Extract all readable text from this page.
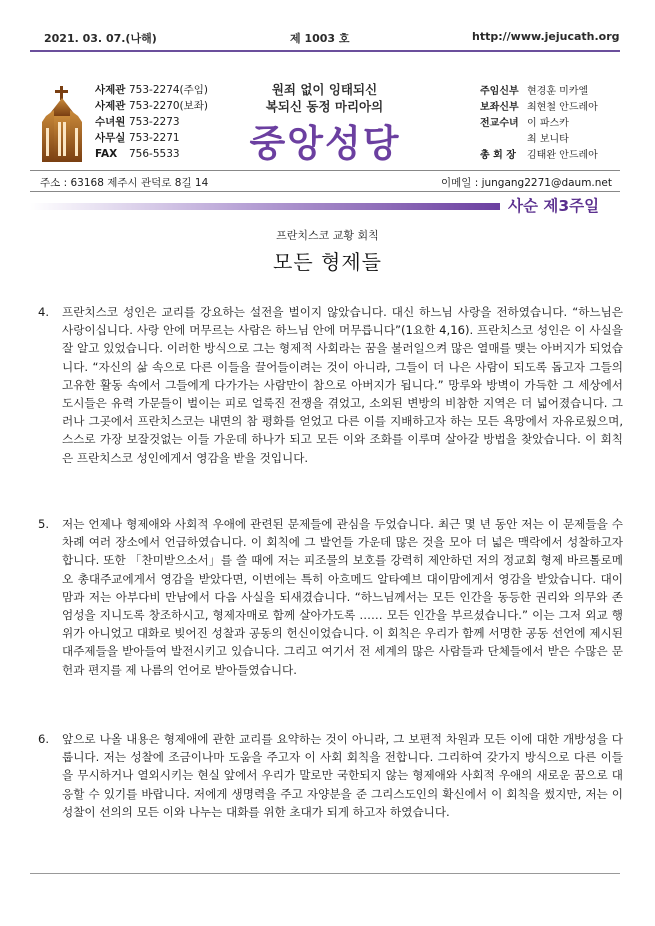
2021. 03. 07.(나해)	제 1003 호	http://www.jejucath.org
사제관 753-2274(주임)
사제관 753-2270(보좌)
수녀원 753-2273
사무실 753-2271
FAX	756-5533
원죄 없이 잉태되신
복되신 동정 마리아의
중앙성당
주임신부 현경훈 미카엘
보좌신부 최현철 안드레아
전교수녀 이 파스카
최 보니타
총 회 장	김태완 안드레아
주소 : 63168 제주시 관덕로 8길 14	이메일 : jungang2271@daum.net
사순 제3주일
프란치스코 교황 회칙
모든 형제들
4.	프란치스코 성인은 교리를 강요하는 설전을 벌이지 않았습니다. 대신 하느님 사랑을 전하였습니다. “하느님은 사랑이십니다. 사랑 안에 머무르는 사람은 하느님 안에 머무릅니다”(1요한 4,16). 프란치스코 성인은 이 사실을 잘 알고 있었습니다. 이러한 방식으로 그는 형제적 사회라는 꿈을 불러일으켜 많은 열매를 맺는 아버지가 되었습니다. “자신의 삶 속으로 다른 이들을 끌어들이려는 것이 아니라, 그들이 더 나은 사람이 되도록 돕고자 그들의 고유한 활동 속에서 그들에게 다가가는 사람만이 참으로 아버지가 됩니다.” 망루와 방벽이 가득한 그 세상에서 도시들은 유력 가문들이 벌이는 피로 얼룩진 전쟁을 겪었고, 소외된 변방의 비참한 지역은 더 넓어졌습니다. 그러나 그곳에서 프란치스코는 내면의 참 평화를 얻었고 다른 이를 지배하고자 하는 모든 욕망에서 자유로웠으며, 스스로 가장 보잘것없는 이들 가운데 하나가 되고 모든 이와 조화를 이루며 살아갈 방법을 찾았습니다. 이 회칙은 프란치스코 성인에게서 영감을 받을 것입니다.
5.	저는 언제나 형제애와 사회적 우애에 관련된 문제들에 관심을 두었습니다. 최근 몇 년 동안 저는 이 문제들을 수차례 여러 장소에서 언급하였습니다. 이 회칙에 그 발언들 가운데 많은 것을 모아 더 넓은 맥락에서 성찰하고자 합니다. 또한 「찬미받으소서」를 쓸 때에 저는 피조물의 보호를 강력히 제안하던 저의 정교회 형제 바르톨로메오 총대주교에게서 영감을 받았다면, 이번에는 특히 아흐메드 알타예브 대이맘에게서 영감을 받았습니다. 대이맘과 저는 아부다비 만남에서 다음 사실을 되새겼습니다. “하느님께서는 모든 인간을 동등한 권리와 의무와 존엄성을 지니도록 창조하시고, 형제자매로 함께 살아가도록 …… 모든 인간을 부르셨습니다.” 이는 그저 외교 행위가 아니었고 대화로 빚어진 성찰과 공동의 헌신이었습니다. 이 회칙은 우리가 함께 서명한 공동 선언에 제시된 대주제들을 받아들여 발전시키고 있습니다. 그리고 여기서 전 세계의 많은 사람들과 단체들에서 받은 수많은 문헌과 편지를 제 나름의 언어로 받아들였습니다.
6.	앞으로 나올 내용은 형제애에 관한 교리를 요약하는 것이 아니라, 그 보편적 차원과 모든 이에 대한 개방성을 다룹니다. 저는 성찰에 조금이나마 도움을 주고자 이 사회 회칙을 전합니다. 그리하여 갖가지 방식으로 다른 이들을 무시하거나 열외시키는 현실 앞에서 우리가 말로만 국한되지 않는 형제애와 사회적 우애의 새로운 꿈으로 대응할 수 있기를 바랍니다. 저에게 생명력을 주고 자양분을 준 그리스도인의 확신에서 이 회칙을 썼지만, 저는 이 성찰이 선의의 모든 이와 나누는 대화를 위한 초대가 되게 하고자 하였습니다.
